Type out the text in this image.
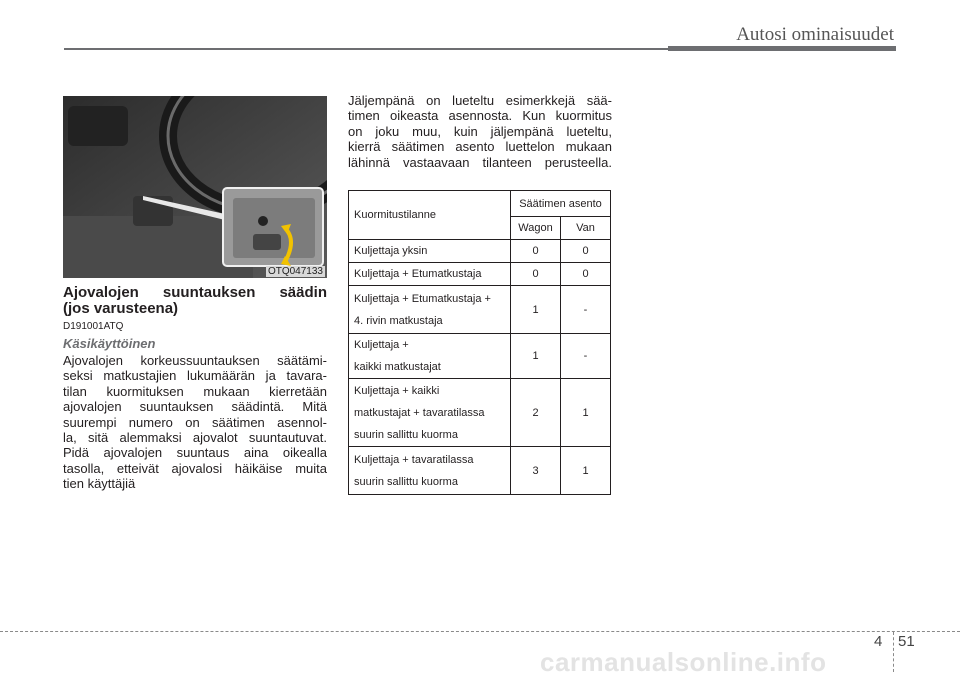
Autosi ominaisuudet
OTQ047133
Ajovalojen suuntauksen säädin
(jos varusteena)
D191001ATQ
Käsikäyttöinen
Ajovalojen korkeussuuntauksen säätämi-
seksi matkustajien lukumäärän ja tavara-
tilan kuormituksen mukaan kierretään
ajovalojen suuntauksen säädintä. Mitä
suurempi numero on säätimen asennol-
la, sitä alemmaksi ajovalot suuntautuvat.
Pidä ajovalojen suuntaus aina oikealla
tasolla, etteivät ajovalosi häikäise muita
tien käyttäjiä
Jäljempänä on lueteltu esimerkkejä sää-
timen oikeasta asennosta. Kun kuormitus
on joku muu, kuin jäljempänä lueteltu,
kierrä säätimen asento luettelon mukaan
lähinnä vastaavaan tilanteen perusteella.
Kuormitustilanne	Säätimen asento	
	Wagon	Van

Kuljettaja yksin	0	0

Kuljettaja + Etumatkustaja	0	0

Kuljettaja + Etumatkustaja +
4. rivin matkustaja	1	-

Kuljettaja +
kaikki matkustajat	1	-

Kuljettaja + kaikki
matkustajat + tavaratilassa
suurin sallittu kuorma	2	1

Kuljettaja + tavaratilassa
suurin sallittu kuorma	3	1
4 51
carmanualsonline.info
